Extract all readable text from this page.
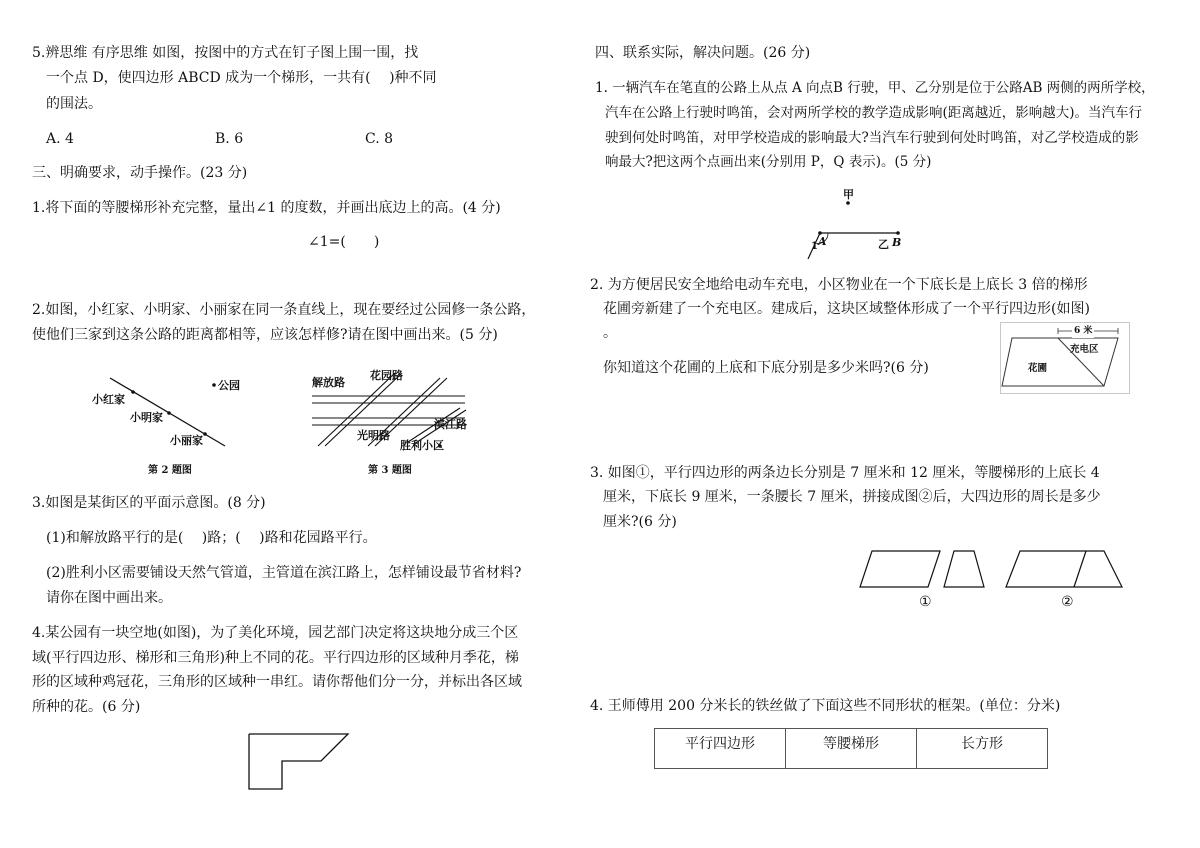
5.辨思维 有序思维 如图，按图中的方式在钉子图上围一围，找
一个点 D，使四边形 ABCD 成为一个梯形，一共有(　 )种不同
的围法。
A. 4	B. 6	C. 8
三、明确要求，动手操作。(23 分)
1.将下面的等腰梯形补充完整，量出∠1 的度数，并画出底边上的高。(4 分)
∠1=(　　)
2.如图，小红家、小明家、小丽家在同一条直线上，现在要经过公园修一条公路，
使他们三家到这条公路的距离都相等，应该怎样修?请在图中画出来。(5 分)
公园
小红家
小明家
小丽家
第 2 题图
解放路
花园路
滨江路
光明路
胜利小区
第 3 题图
3.如图是某街区的平面示意图。(8 分)
(1)和解放路平行的是(　 )路；(　 )路和花园路平行。
(2)胜利小区需要铺设天然气管道，主管道在滨江路上，怎样铺设最节省材料?
请你在图中画出来。
4.某公园有一块空地(如图)，为了美化环境，园艺部门决定将这块地分成三个区
域(平行四边形、梯形和三角形)种上不同的花。平行四边形的区域种月季花，梯
形的区域种鸡冠花，三角形的区域种一串红。请你帮他们分一分，并标出各区域
所种的花。(6 分)
四、联系实际，解决问题。(26 分)
1. 一辆汽车在笔直的公路上从点 A 向点B 行驶，甲、乙分别是位于公路AB 两侧的两所学校，
汽车在公路上行驶时鸣笛，会对两所学校的教学造成影响(距离越近，影响越大)。当汽车行
驶到何处时鸣笛，对甲学校造成的影响最大?当汽车行驶到何处时鸣笛，对乙学校造成的影
响最大?把这两个点画出来(分别用 P，Q 表示)。(5 分)
甲
1 A	乙 B
2. 为方便居民安全地给电动车充电，小区物业在一个下底长是上底长 3 倍的梯形
花圃旁新建了一个充电区。建成后，这块区域整体形成了一个平行四边形(如图)
。
你知道这个花圃的上底和下底分别是多少米吗?(6 分)
6 米
充电区
花圃
3. 如图①，平行四边形的两条边长分别是 7 厘米和 12 厘米，等腰梯形的上底长 4
厘米，下底长 9 厘米，一条腰长 7 厘米，拼接成图②后，大四边形的周长是多少
厘米?(6 分)
①	②
4. 王师傅用 200 分米长的铁丝做了下面这些不同形状的框架。(单位：分米)
平行四边形	等腰梯形	长方形
